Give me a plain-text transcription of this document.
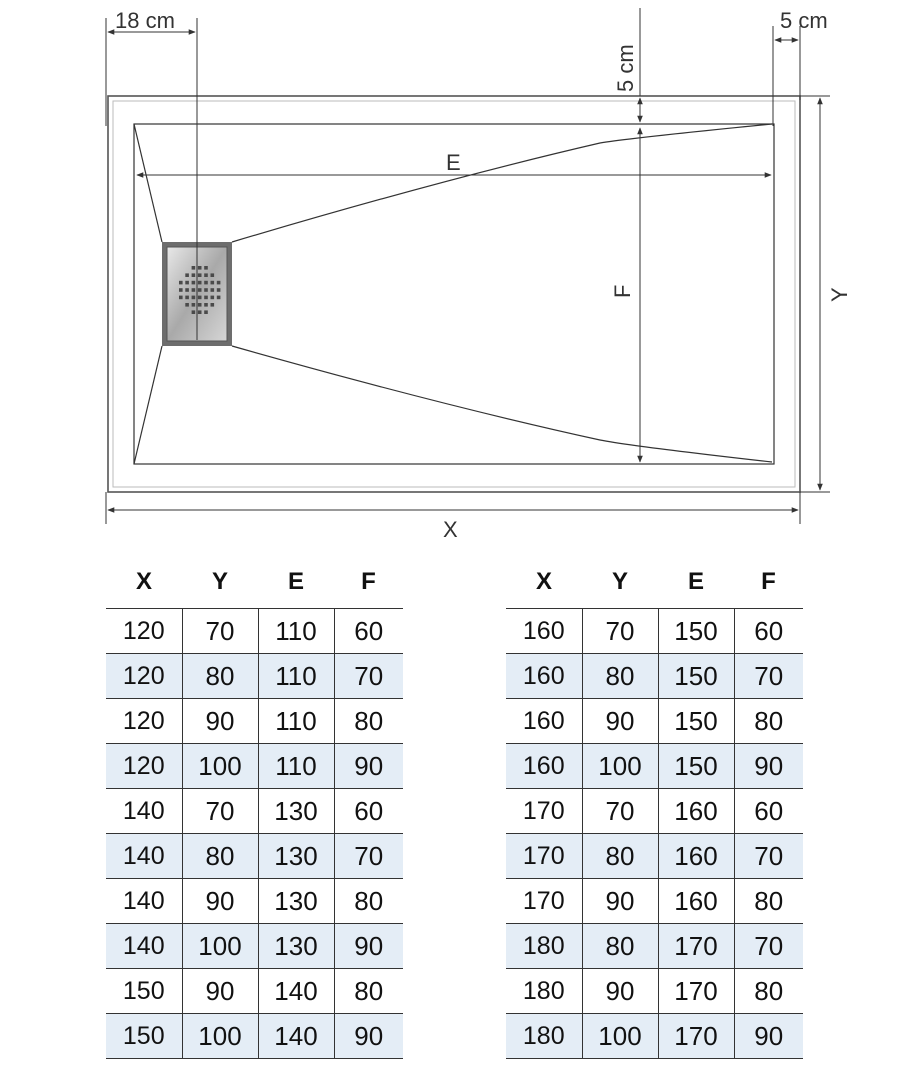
18 cm	5 cm
5 cm
F
E
Y
X
X	Y	E	F
120	70	110	60
120	80	110	70
120	90	110	80
120	100	110	90
140	70	130	60
140	80	130	70
140	90	130	80
140	100	130	90
150	90	140	80
150	100	140	90
X	Y	E	F
160	70	150	60
160	80	150	70
160	90	150	80
160	100	150	90
170	70	160	60
170	80	160	70
170	90	160	80
180	80	170	70
180	90	170	80
180	100	170	90
